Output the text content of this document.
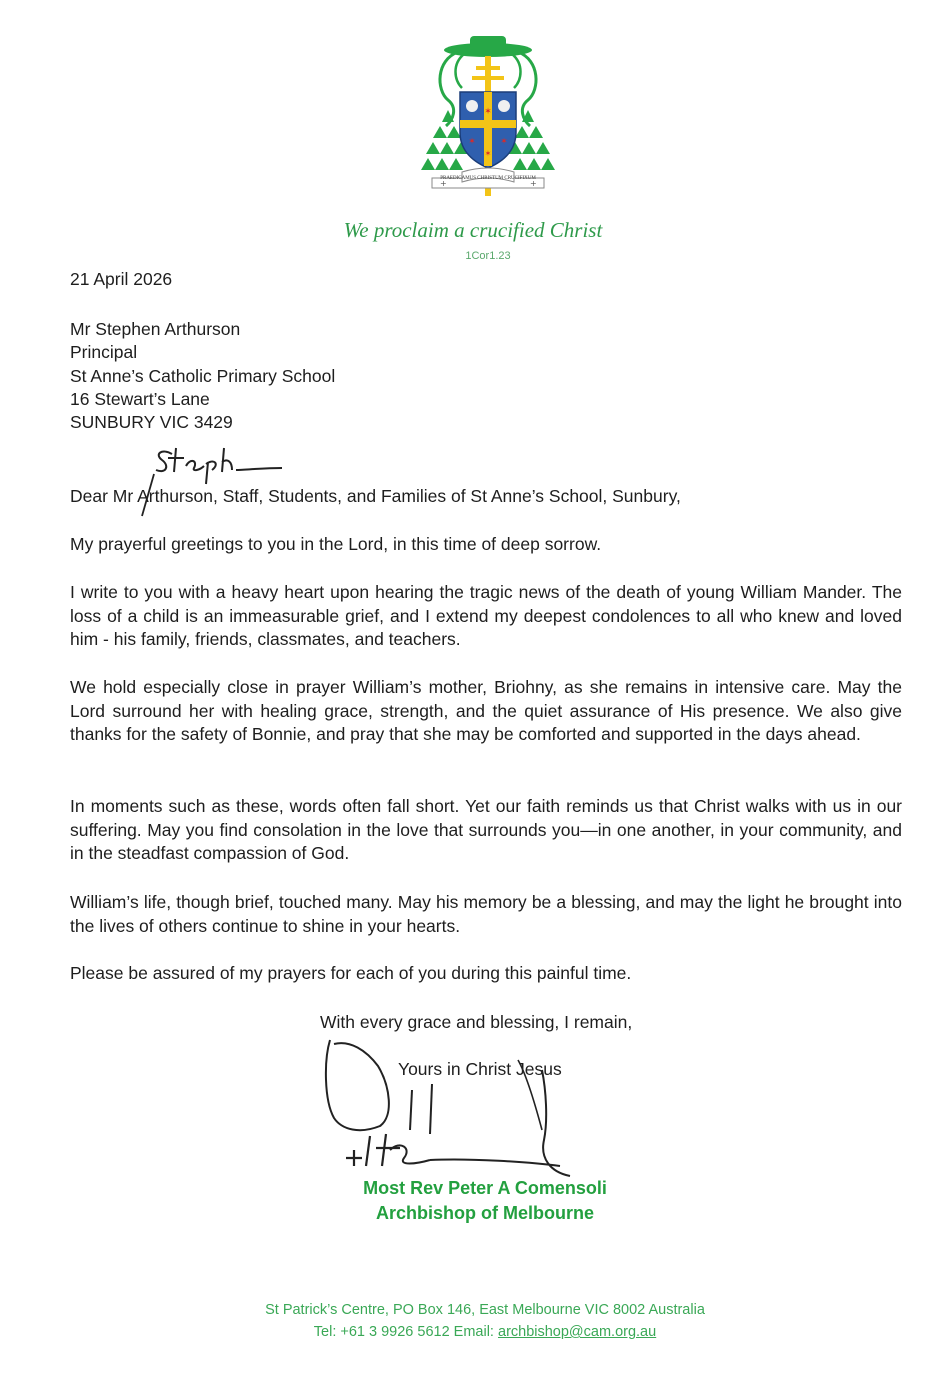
✶
✶	✶
✶
PRAEDICAMUS CHRISTUM CRUCIFIXUM
+	+
We proclaim a crucified Christ
1Cor1.23
21 April 2026
Mr Stephen Arthurson
Principal
St Anne’s Catholic Primary School
16 Stewart’s Lane
SUNBURY VIC 3429
Dear Mr Arthurson, Staff, Students, and Families of St Anne’s School, Sunbury,
My prayerful greetings to you in the Lord, in this time of deep sorrow.
I write to you with a heavy heart upon hearing the tragic news of the death of young William Mander. The loss of a child is an immeasurable grief, and I extend my deepest condolences to all who knew and loved him - his family, friends, classmates, and teachers.
We hold especially close in prayer William’s mother, Briohny, as she remains in intensive care. May the Lord surround her with healing grace, strength, and the quiet assurance of His presence. We also give thanks for the safety of Bonnie, and pray that she may be comforted and supported in the days ahead.
In moments such as these, words often fall short. Yet our faith reminds us that Christ walks with us in our suffering. May you find consolation in the love that surrounds you—in one another, in your community, and in the steadfast compassion of God.
William’s life, though brief, touched many. May his memory be a blessing, and may the light he brought into the lives of others continue to shine in your hearts.
Please be assured of my prayers for each of you during this painful time.
With every grace and blessing, I remain,
Yours in Christ Jesus
Most Rev Peter A Comensoli
Archbishop of Melbourne
St Patrick’s Centre, PO Box 146, East Melbourne VIC 8002 Australia
Tel: +61 3 9926 5612 Email: archbishop@cam.org.au
